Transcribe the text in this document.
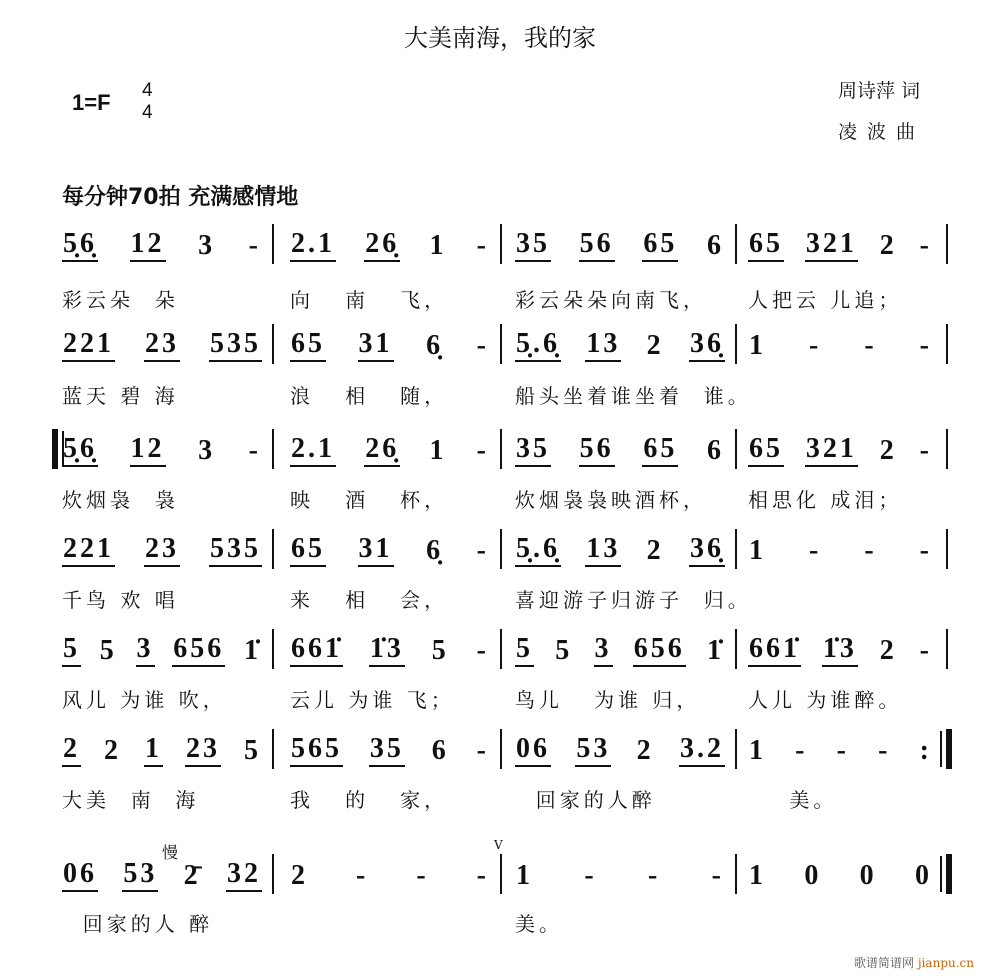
大美南海，我的家
1=F 4
4
周诗萍 词
凌波曲
每分钟70拍 充满感情地
5̣6̣ 12 3 -
彩云朵  朵
2.1 26̣ 1 -
向   南   飞，
35 56 65 6
彩云朵朵向南飞，
65 321 2 -
人把云 儿追；
221 23 535
蓝天 碧 海
65 31 6̣ -
浪   相   随，
5̣.6̣ 13 2 36̣
船头坐着谁坐着  谁。
1 - - -
5̣6̣ 12 3 -
炊烟袅  袅
2.1 26̣ 1 -
映   酒   杯，
35 56 65 6
炊烟袅袅映酒杯，
65 321 2 -
相思化 成泪；
221 23 535
千鸟 欢 唱
65 31 6̣ -
来   相   会，
5̣.6̣ 13 2 36̣
喜迎游子归游子  归。
1 - - -
5 5 3 656 1̇
风儿 为谁 吹，
661̇ 1̇3 5 -
云儿 为谁 飞；
5 5 3 656 1̇
鸟儿   为谁 归，
661̇ 1̇3 2 -
人儿 为谁醉。
2 2 1 23 5
大美  南  海
565 35 6 -
我   的   家，
06 53 2 3.2
回家的人醉
1 - - - :
美。
06 53 2̄ 32
回家的人 醉
2 - - - 1 - - -
美。
1 0 0 0
慢	V
歌谱简谱网 jianpu.cn
